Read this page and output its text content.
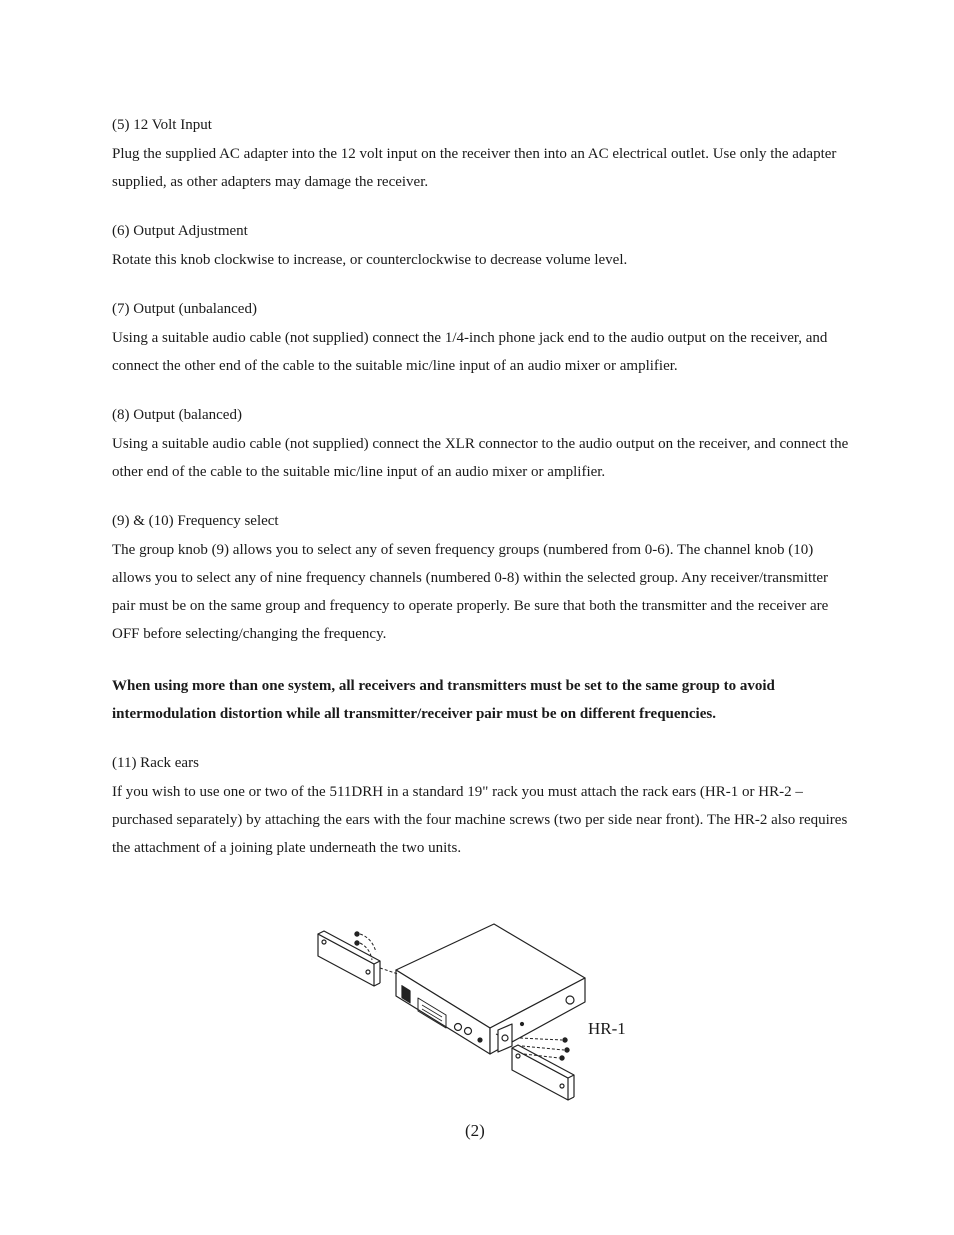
(5) 12 Volt Input

Plug the supplied AC adapter into the 12 volt input on the receiver then into an AC electrical outlet. Use only the adapter supplied, as other adapters may damage the receiver.

(6) Output Adjustment

Rotate this knob clockwise to increase, or counterclockwise to decrease volume level.

(7) Output (unbalanced)

Using a suitable audio cable (not supplied) connect the 1/4-inch phone jack end to the audio output on the receiver, and connect the other end of the cable to the suitable mic/line input of an audio mixer or amplifier.

(8) Output (balanced)

Using a suitable audio cable (not supplied) connect the XLR connector to the audio output on the receiver, and connect the other end of the cable to the suitable mic/line input of an audio mixer or amplifier.

(9) & (10) Frequency select

The group knob (9) allows you to select any of seven frequency groups (numbered from 0-6). The channel knob (10) allows you to select any of nine frequency channels (numbered 0-8) within the selected group. Any receiver/transmitter pair must be on the same group and frequency to operate properly. Be sure that both the transmitter and the receiver are OFF before selecting/changing the frequency.

When using more than one system, all receivers and transmitters must be set to the same group to avoid intermodulation distortion while all transmitter/receiver pair must be on different frequencies.

(11) Rack ears

If you wish to use one or two of the 511DRH in a standard 19" rack you must attach the rack ears (HR-1 or HR-2 – purchased separately) by attaching the ears with the four machine screws (two per side near front). The HR-2 also requires the attachment of a joining plate underneath the two units.

HR-1
(2)
